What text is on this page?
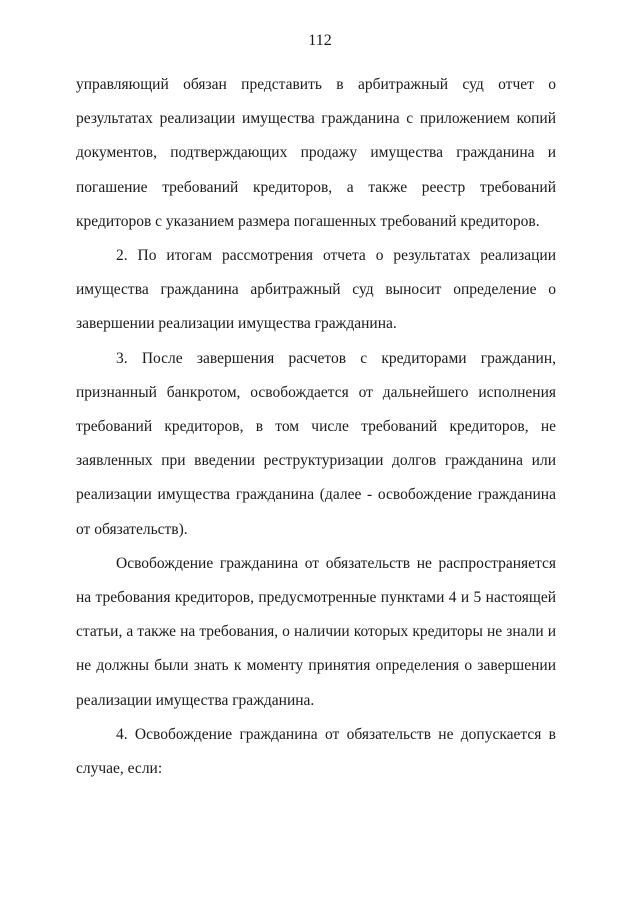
112

управляющий обязан представить в арбитражный суд отчет о результатах реализации имущества гражданина с приложением копий документов, подтверждающих продажу имущества гражданина и погашение требований кредиторов, а также реестр требований кредиторов с указанием размера погашенных требований кредиторов.

2. По итогам рассмотрения отчета о результатах реализации имущества гражданина арбитражный суд выносит определение о завершении реализации имущества гражданина.

3. После завершения расчетов с кредиторами гражданин, признанный банкротом, освобождается от дальнейшего исполнения требований кредиторов, в том числе требований кредиторов, не заявленных при введении реструктуризации долгов гражданина или реализации имущества гражданина (далее - освобождение гражданина от обязательств).

Освобождение гражданина от обязательств не распространяется на требования кредиторов, предусмотренные пунктами 4 и 5 настоящей статьи, а также на требования, о наличии которых кредиторы не знали и не должны были знать к моменту принятия определения о завершении реализации имущества гражданина.

4. Освобождение гражданина от обязательств не допускается в случае, если:
